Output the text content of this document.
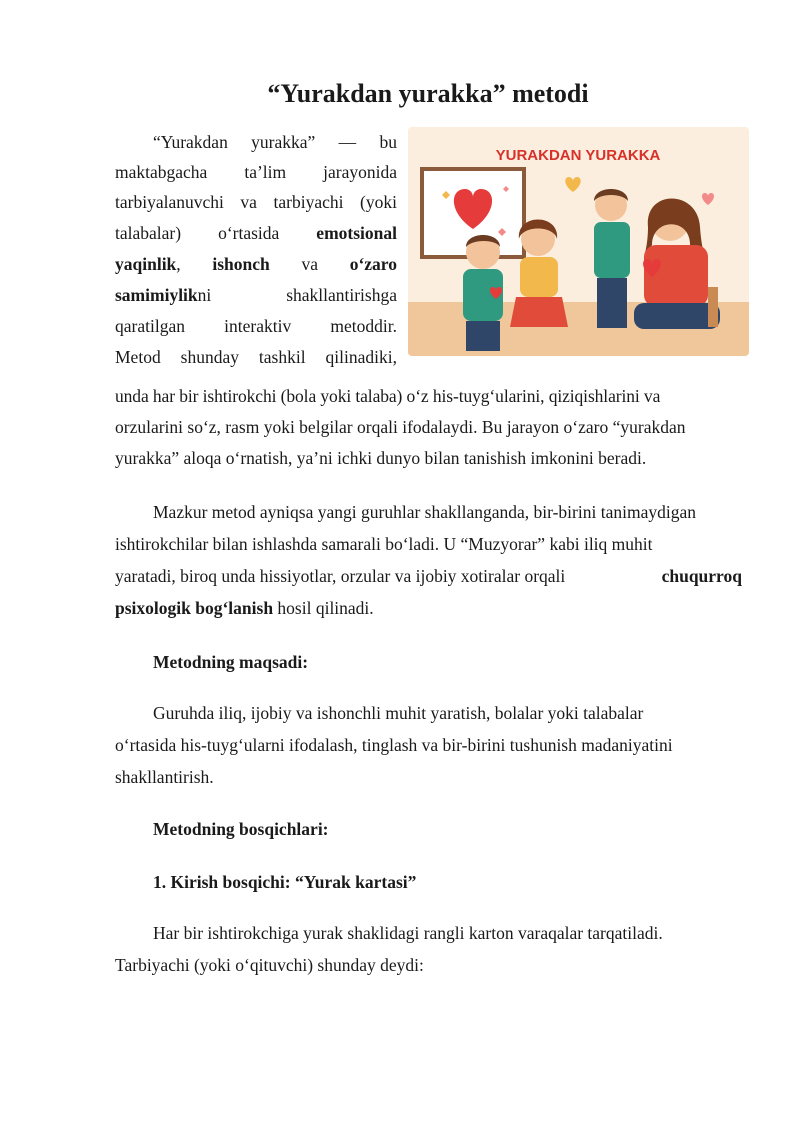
“Yurakdan yurakka” metodi
YURAKDAN YURAKKA
“Yurakdan yurakka” — bu
maktabgacha ta’lim jarayonida
tarbiyalanuvchi va tarbiyachi (yoki
talabalar) o‘rtasida emotsional
yaqinlik, ishonch va o‘zaro
samimiylikni	shakllantirishga
qaratilgan interaktiv metoddir.
Metod shunday tashkil qilinadiki,
unda har bir ishtirokchi (bola yoki talaba) o‘z his-tuyg‘ularini, qiziqishlarini va
orzularini so‘z, rasm yoki belgilar orqali ifodalaydi. Bu jarayon o‘zaro “yurakdan
yurakka” aloqa o‘rnatish, ya’ni ichki dunyo bilan tanishish imkonini beradi.
Mazkur metod ayniqsa yangi guruhlar shakllanganda, bir-birini tanimaydigan
ishtirokchilar bilan ishlashda samarali bo‘ladi. U “Muzyorar” kabi iliq muhit
yaratadi, biroq unda hissiyotlar, orzular va ijobiy xotiralar orqali	chuqurroq
psixologik bog‘lanish hosil qilinadi.
Metodning maqsadi:
Guruhda iliq, ijobiy va ishonchli muhit yaratish, bolalar yoki talabalar
o‘rtasida his-tuyg‘ularni ifodalash, tinglash va bir-birini tushunish madaniyatini
shakllantirish.
Metodning bosqichlari:
1. Kirish bosqichi: “Yurak kartasi”
Har bir ishtirokchiga yurak shaklidagi rangli karton varaqalar tarqatiladi.
Tarbiyachi (yoki o‘qituvchi) shunday deydi:
